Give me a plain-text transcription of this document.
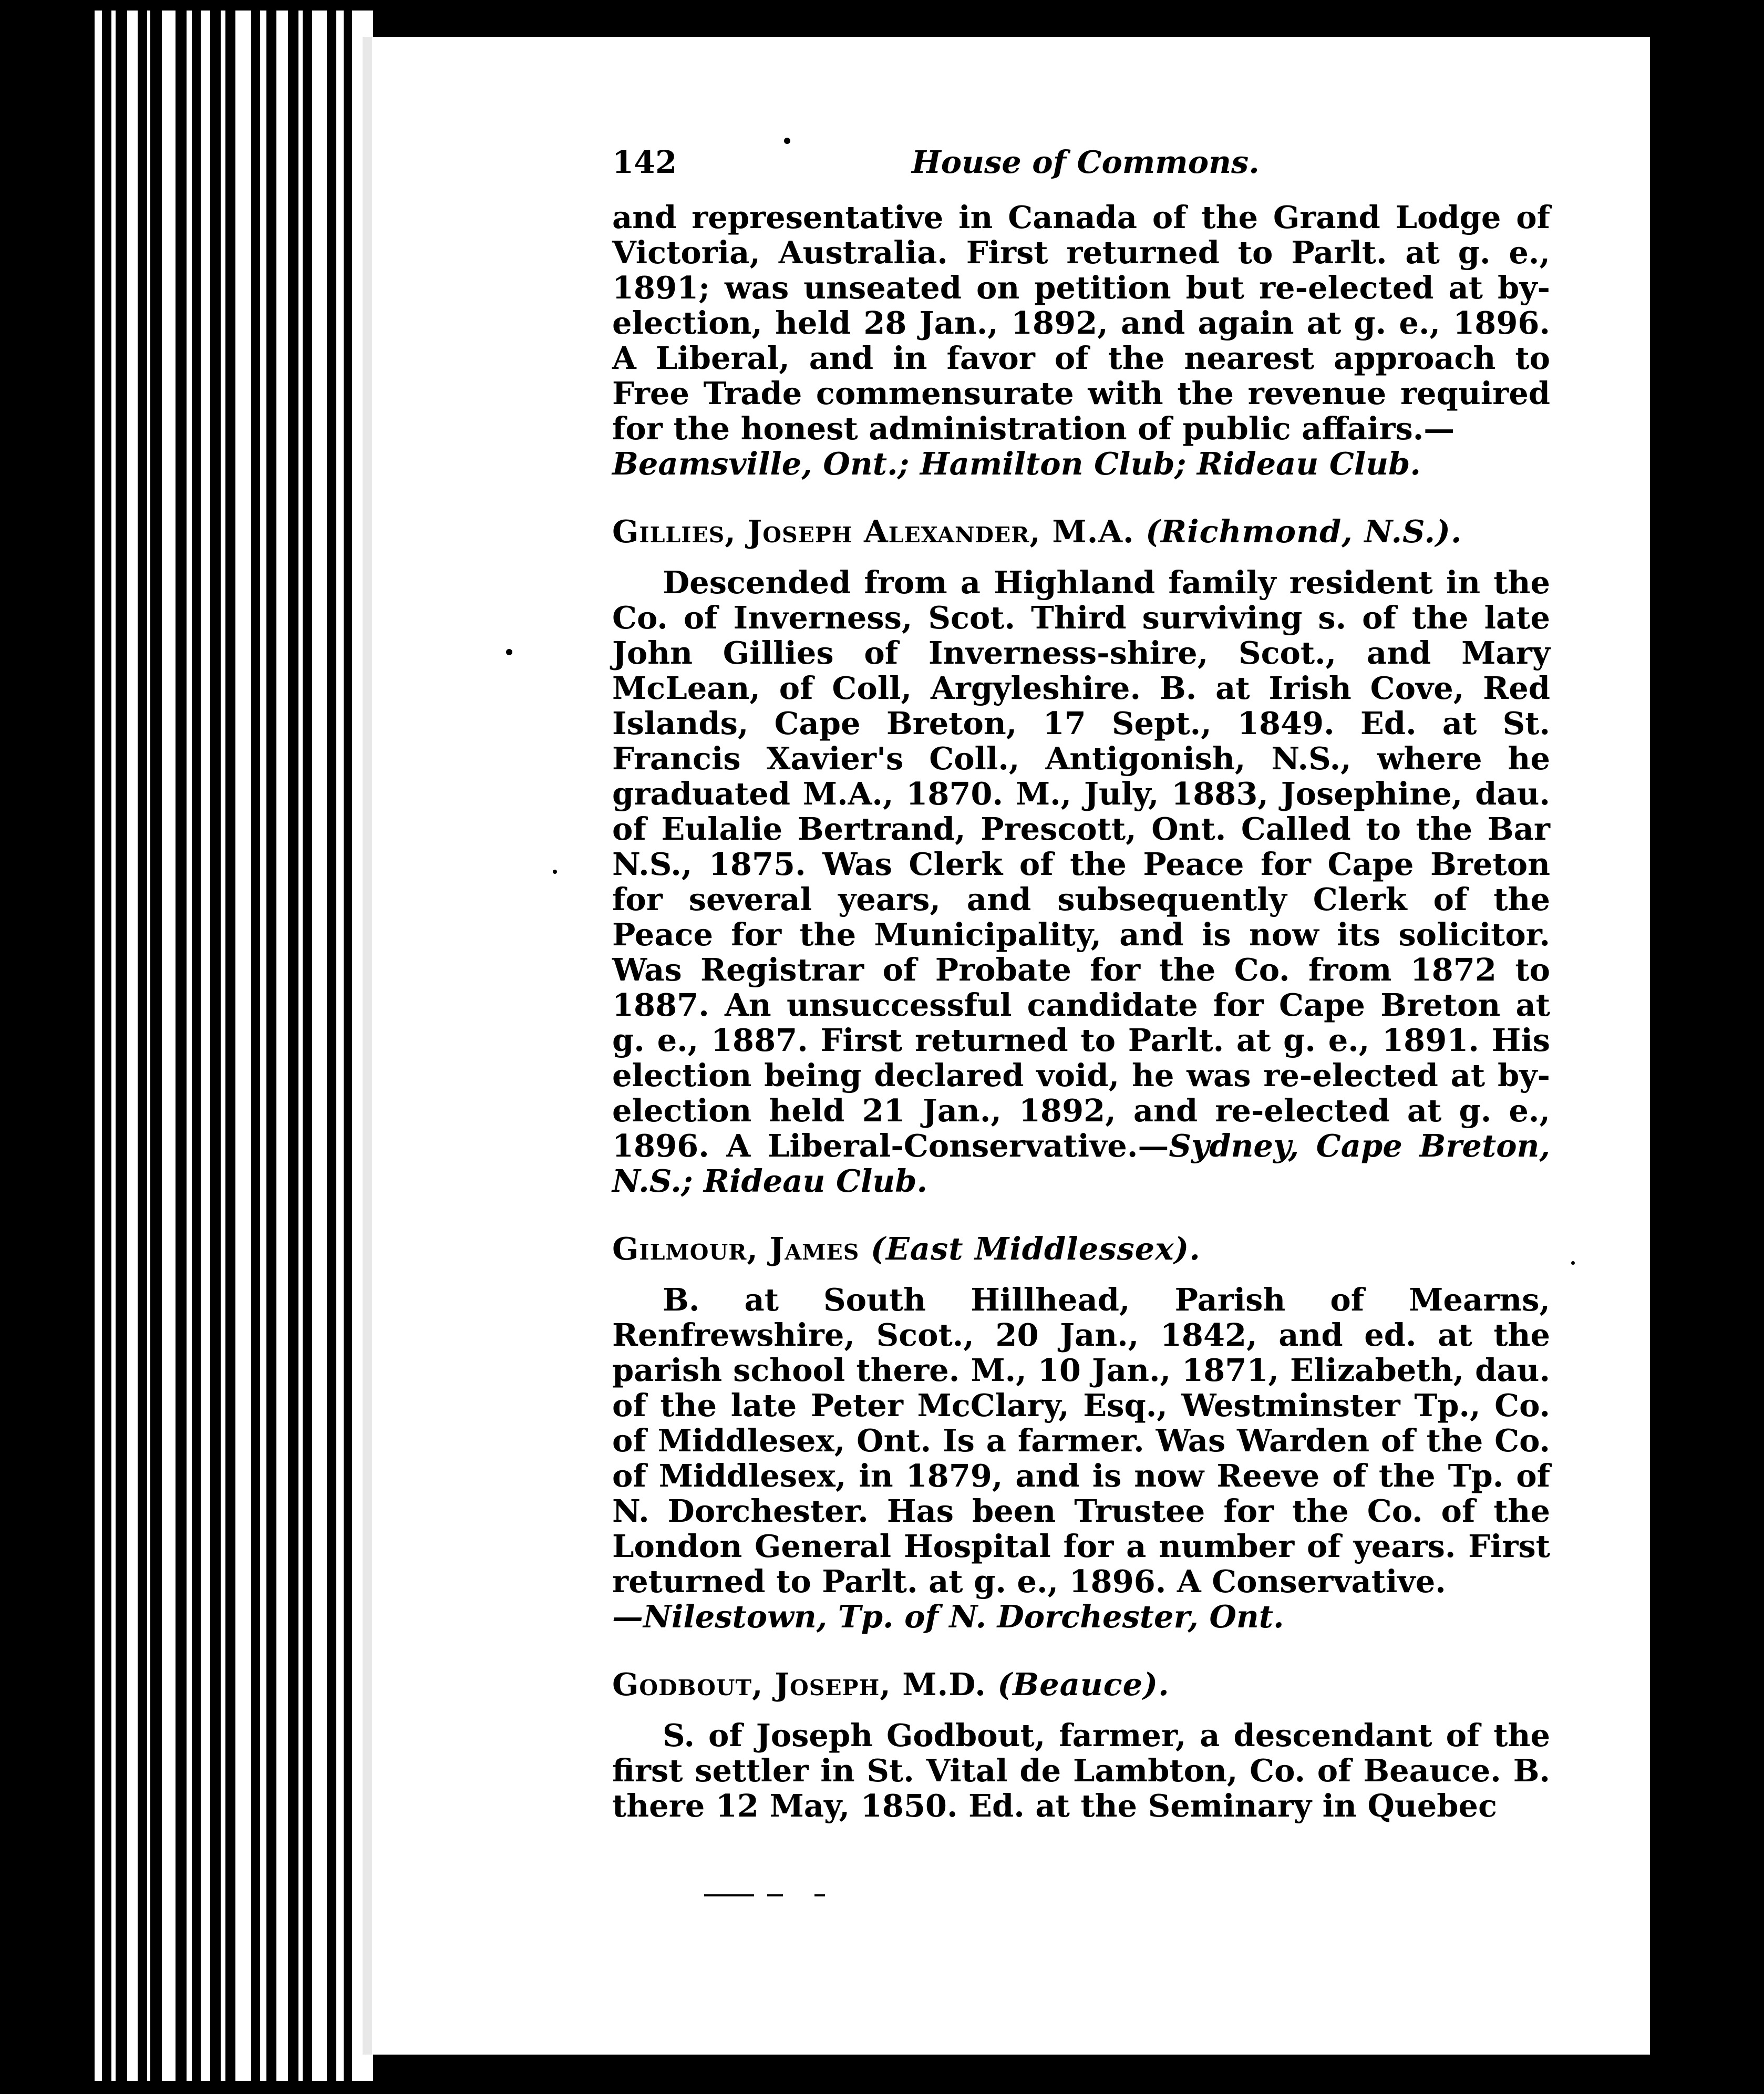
142	House of Commons.

and representative in Canada of the Grand Lodge of Victoria, Australia. First returned to Parlt. at g. e., 1891; was unseated on petition but re-elected at by-election, held 28 Jan., 1892, and again at g. e., 1896. A Liberal, and in favor of the nearest approach to Free Trade commensurate with the revenue required for the honest administration of public affairs.—
Beamsville, Ont.; Hamilton Club; Rideau Club.

Gillies, Joseph Alexander, M.A. (Richmond, N.S.).

Descended from a Highland family resident in the Co. of Inverness, Scot. Third surviving s. of the late John Gillies of Inverness-shire, Scot., and Mary McLean, of Coll, Argyleshire. B. at Irish Cove, Red Islands, Cape Breton, 17 Sept., 1849. Ed. at St. Francis Xavier's Coll., Antigonish, N.S., where he graduated M.A., 1870. M., July, 1883, Josephine, dau. of Eulalie Bertrand, Prescott, Ont. Called to the Bar N.S., 1875. Was Clerk of the Peace for Cape Breton for several years, and subsequently Clerk of the Peace for the Municipality, and is now its solicitor. Was Registrar of Probate for the Co. from 1872 to 1887. An unsuccessful candidate for Cape Breton at g. e., 1887. First returned to Parlt. at g. e., 1891. His election being declared void, he was re-elected at by-election held 21 Jan., 1892, and re-elected at g. e., 1896. A Liberal-Conservative.—Sydney, Cape Breton, N.S.; Rideau Club.

Gilmour, James (East Middlessex).

B. at South Hillhead, Parish of Mearns, Renfrewshire, Scot., 20 Jan., 1842, and ed. at the parish school there. M., 10 Jan., 1871, Elizabeth, dau. of the late Peter McClary, Esq., Westminster Tp., Co. of Middlesex, Ont. Is a farmer. Was Warden of the Co. of Middlesex, in 1879, and is now Reeve of the Tp. of N. Dorchester. Has been Trustee for the Co. of the London General Hospital for a number of years. First returned to Parlt. at g. e., 1896. A Conservative.
—Nilestown, Tp. of N. Dorchester, Ont.

Godbout, Joseph, M.D. (Beauce).

S. of Joseph Godbout, farmer, a descendant of the first settler in St. Vital de Lambton, Co. of Beauce. B. there 12 May, 1850. Ed. at the Seminary in Quebec
